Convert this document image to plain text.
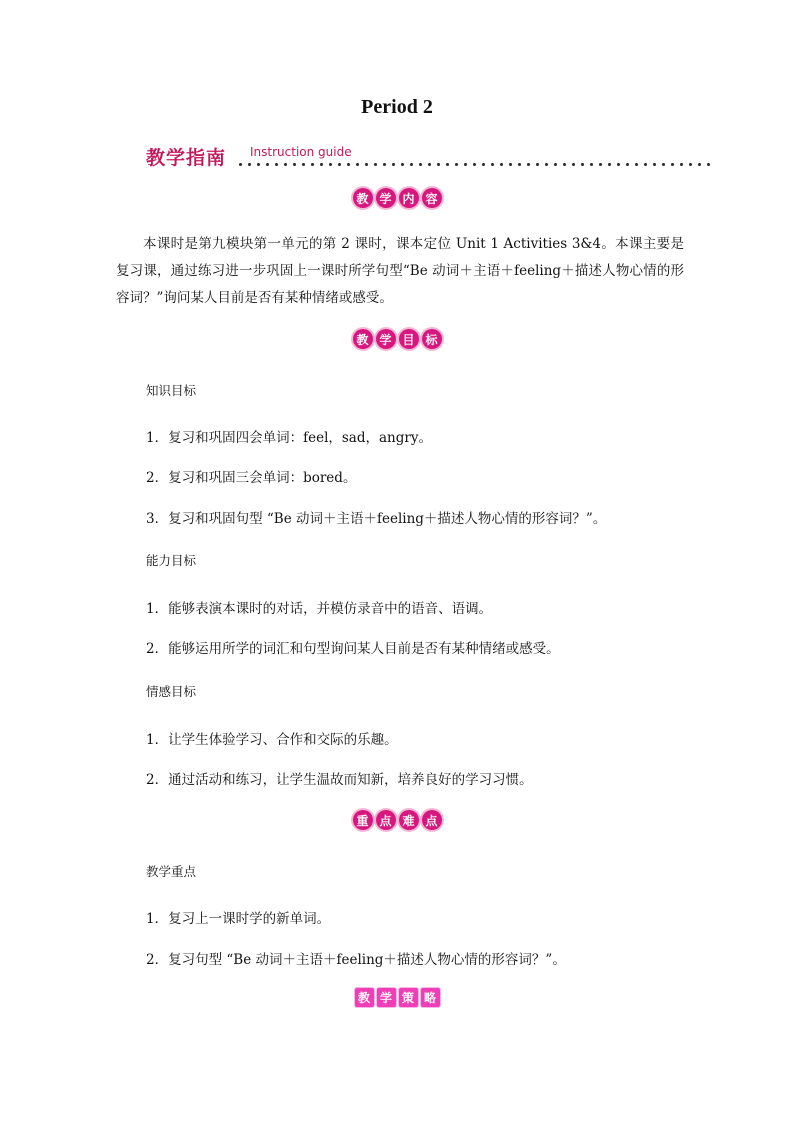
Period 2
教学指南 Instruction guide
教 学 内 容

本课时是第九模块第一单元的第 2 课时，课本定位 Unit 1 Activities 3&4。本课主要是复习课，通过练习进一步巩固上一课时所学句型“Be 动词＋主语＋feeling＋描述人物心情的形容词？”询问某人目前是否有某种情绪或感受。

教 学 目 标

知识目标

1．复习和巩固四会单词：feel，sad，angry。

2．复习和巩固三会单词：bored。

3．复习和巩固句型 “Be 动词＋主语＋feeling＋描述人物心情的形容词？”。

能力目标

1．能够表演本课时的对话，并模仿录音中的语音、语调。

2．能够运用所学的词汇和句型询问某人目前是否有某种情绪或感受。

情感目标

1．让学生体验学习、合作和交际的乐趣。

2．通过活动和练习，让学生温故而知新，培养良好的学习习惯。

重 点 难 点

教学重点

1．复习上一课时学的新单词。

2．复习句型 “Be 动词＋主语＋feeling＋描述人物心情的形容词？”。

教 学 策 略
